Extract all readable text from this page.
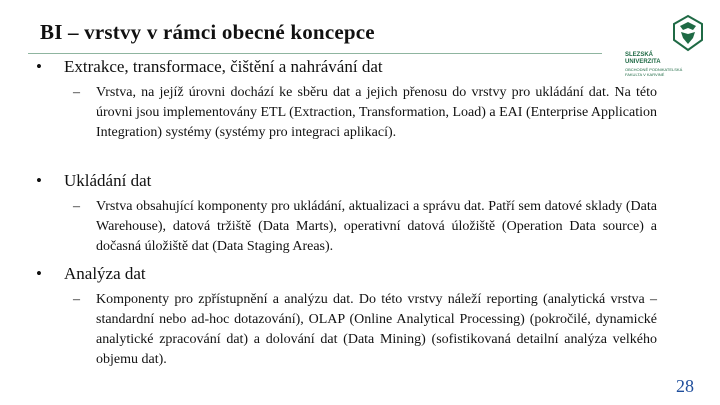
BI – vrstvy v rámci obecné koncepce
SLEZSKÁ
UNIVERZITA
OBCHODNĚ PODNIKATELSKÁ
FAKULTA V KARVINÉ
• Extrakce, transformace, čištění a nahrávání dat
– Vrstva, na jejíž úrovni dochází ke sběru dat a jejich přenosu do vrstvy pro ukládání dat. Na této úrovni jsou implementovány ETL (Extraction, Transformation, Load) a EAI (Enterprise Application Integration) systémy (systémy pro integraci aplikací).
• Ukládání dat
– Vrstva obsahující komponenty pro ukládání, aktualizaci a správu dat. Patří sem datové sklady (Data Warehouse), datová tržiště (Data Marts), operativní datová úložiště (Operation Data source) a dočasná úložiště dat (Data Staging Areas).
• Analýza dat
– Komponenty pro zpřístupnění a analýzu dat. Do této vrstvy náleží reporting (analytická vrstva – standardní nebo ad-hoc dotazování), OLAP (Online Analytical Processing) (pokročilé, dynamické analytické zpracování dat) a dolování dat (Data Mining) (sofistikovaná detailní analýza velkého objemu dat).
28
